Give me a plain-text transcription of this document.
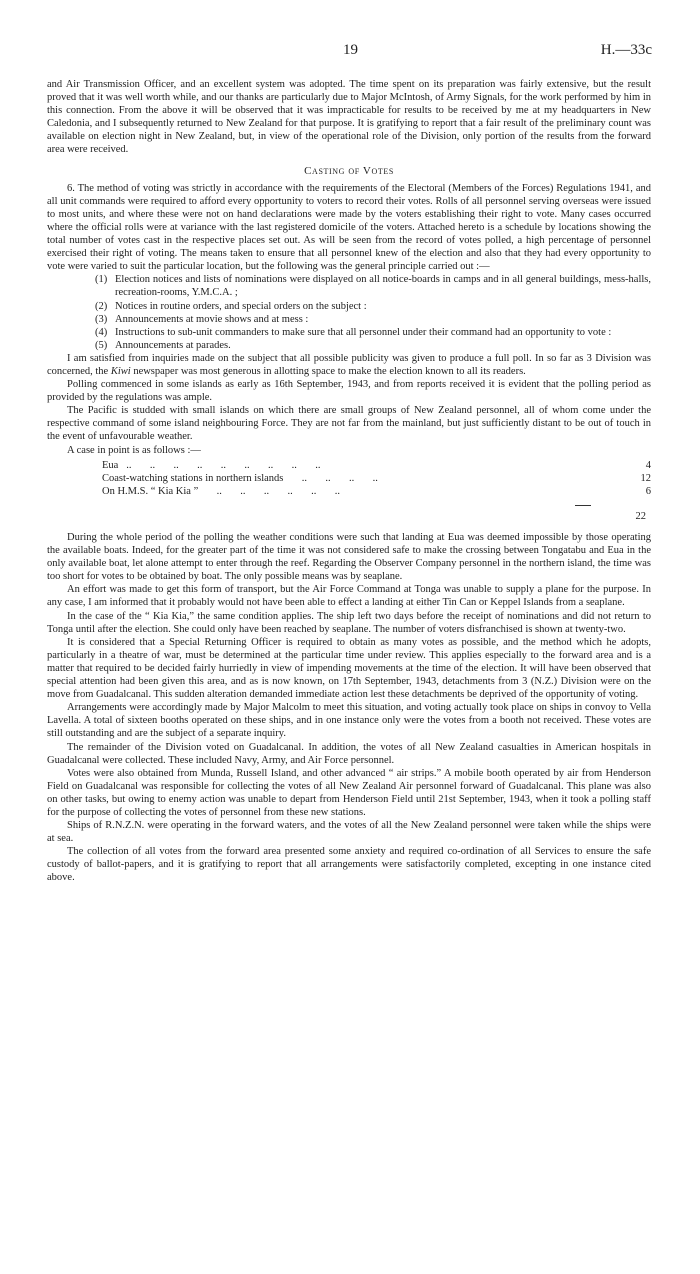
19	H.—33c

and Air Transmission Officer, and an excellent system was adopted. The time spent on its preparation was fairly extensive, but the result proved that it was well worth while, and our thanks are particularly due to Major McIntosh, of Army Signals, for the work performed by him in this connection. From the above it will be observed that it was impracticable for results to be received by me at my headquarters in New Caledonia, and I subsequently returned to New Zealand for that purpose. It is gratifying to report that a fair result of the preliminary count was available on election night in New Zealand, but, in view of the operational role of the Division, only portion of the results from the forward area were received.

Casting of Votes

6. The method of voting was strictly in accordance with the requirements of the Electoral (Members of the Forces) Regulations 1941, and all unit commands were required to afford every opportunity to voters to record their votes. Rolls of all personnel serving overseas were issued to most units, and where these were not on hand declarations were made by the voters establishing their right to vote. Many cases occurred where the official rolls were at variance with the last registered domicile of the voters. Attached hereto is a schedule by locations showing the total number of votes cast in the respective places set out. As will be seen from the record of votes polled, a high percentage of personnel exercised their right of voting. The means taken to ensure that all personnel knew of the election and also that they had every opportunity to vote were varied to suit the particular location, but the following was the general principle carried out :—

(1) Election notices and lists of nominations were displayed on all notice-boards in camps and in all general buildings, mess-halls, recreation-rooms, Y.M.C.A. ;
(2) Notices in routine orders, and special orders on the subject :
(3) Announcements at movie shows and at mess :
(4) Instructions to sub-unit commanders to make sure that all personnel under their command had an opportunity to vote :
(5) Announcements at parades.

I am satisfied from inquiries made on the subject that all possible publicity was given to produce a full poll. In so far as 3 Division was concerned, the Kiwi newspaper was most generous in allotting space to make the election known to all its readers.

Polling commenced in some islands as early as 16th September, 1943, and from reports received it is evident that the polling period as provided by the regulations was ample.

The Pacific is studded with small islands on which there are small groups of New Zealand personnel, all of whom come under the respective command of some island neighbouring Force. They are not far from the mainland, but just sufficiently distant to be out of touch in the event of unfavourable weather.

A case in point is as follows :—

Eua   ..       ..       ..       ..       ..       ..       ..       ..       ..	4
Coast-watching stations in northern islands       ..       ..       ..       ..	12
On H.M.S. “ Kia Kia ”       ..       ..       ..       ..       ..       ..	6
22

During the whole period of the polling the weather conditions were such that landing at Eua was deemed impossible by those operating the available boats. Indeed, for the greater part of the time it was not considered safe to make the crossing between Tongatabu and Eua in the only available boat, let alone attempt to enter through the reef. Regarding the Observer Company personnel in the northern island, the time was too short for votes to be obtained by boat. The only possible means was by seaplane.

An effort was made to get this form of transport, but the Air Force Command at Tonga was unable to supply a plane for the purpose. In any case, I am informed that it probably would not have been able to effect a landing at either Tin Can or Keppel Islands from a seaplane.

In the case of the “ Kia Kia,” the same condition applies. The ship left two days before the receipt of nominations and did not return to Tonga until after the election. She could only have been reached by seaplane. The number of voters disfranchised is shown at twenty-two.

It is considered that a Special Returning Officer is required to obtain as many votes as possible, and the method which he adopts, particularly in a theatre of war, must be determined at the particular time under review. This applies especially to the forward area and is a matter that required to be decided fairly hurriedly in view of impending movements at the time of the election. It will have been observed that special attention had been given this area, and as is now known, on 17th September, 1943, detachments from 3 (N.Z.) Division were on the move from Guadalcanal. This sudden alteration demanded immediate action lest these detachments be deprived of the opportunity of voting.

Arrangements were accordingly made by Major Malcolm to meet this situation, and voting actually took place on ships in convoy to Vella Lavella. A total of sixteen booths operated on these ships, and in one instance only were the votes from a booth not received. These votes are still outstanding and are the subject of a separate inquiry.

The remainder of the Division voted on Guadalcanal. In addition, the votes of all New Zealand casualties in American hospitals in Guadalcanal were collected. These included Navy, Army, and Air Force personnel.

Votes were also obtained from Munda, Russell Island, and other advanced “ air strips.” A mobile booth operated by air from Henderson Field on Guadalcanal was responsible for collecting the votes of all New Zealand Air personnel forward of Guadalcanal. This plane was also on other tasks, but owing to enemy action was unable to depart from Henderson Field until 21st September, 1943, when it took a polling staff for the purpose of collecting the votes of personnel from these new stations.

Ships of R.N.Z.N. were operating in the forward waters, and the votes of all the New Zealand personnel were taken while the ships were at sea.

The collection of all votes from the forward area presented some anxiety and required co-ordination of all Services to ensure the safe custody of ballot-papers, and it is gratifying to report that all arrangements were satisfactorily completed, excepting in one instance cited above.
